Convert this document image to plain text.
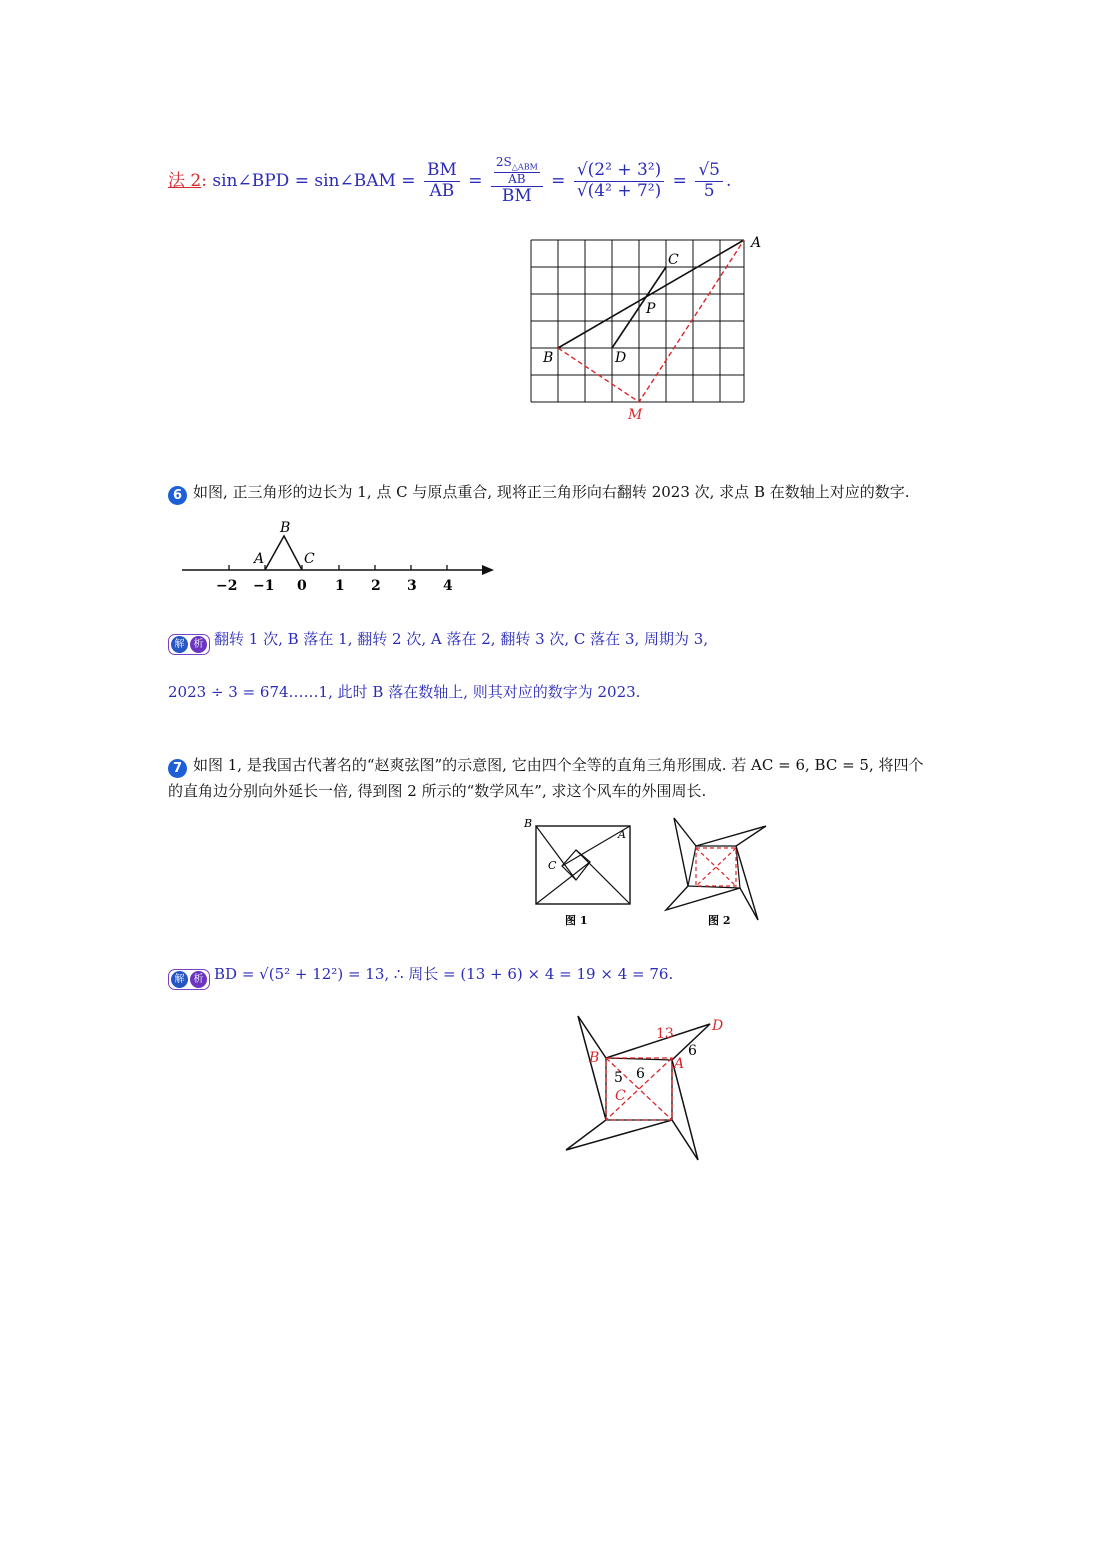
法 2: sin∠BPD = sin∠BAM = $\frac{BM}{AB}$ =
$2S_{\triangle ABM}$
AB
BM
= $\frac{\text{√(2² + 3²)}}{\text{√(4² + 7²)}} = \frac{√5}{5}$ .
A
C
P
B	D
M
6 如图, 正三角形的边长为 1, 点 C 与原点重合, 现将正三角形向右翻转 2023 次, 求点 B 在数轴上对应的数字.
−2 −1 0 1 2 3 4
B
A	C
解 析 翻转 1 次, B 落在 1, 翻转 2 次, A 落在 2, 翻转 3 次, C 落在 3, 周期为 3,
2023 ÷ 3 = 674……1, 此时 B 落在数轴上, 则其对应的数字为 2023.
7 如图 1, 是我国古代著名的“赵爽弦图”的示意图, 它由四个全等的直角三角形围成. 若 AC = 6, BC = 5, 将四个
的直角边分别向外延长一倍, 得到图 2 所示的“数学风车”, 求这个风车的外围周长.
B
A
C
图 1	图 2
解 析 BD = √(5² + 12²) = 13, ∴ 周长 = (13 + 6) × 4 = 19 × 4 = 76.
13	D
6
B	A
5 6
C
